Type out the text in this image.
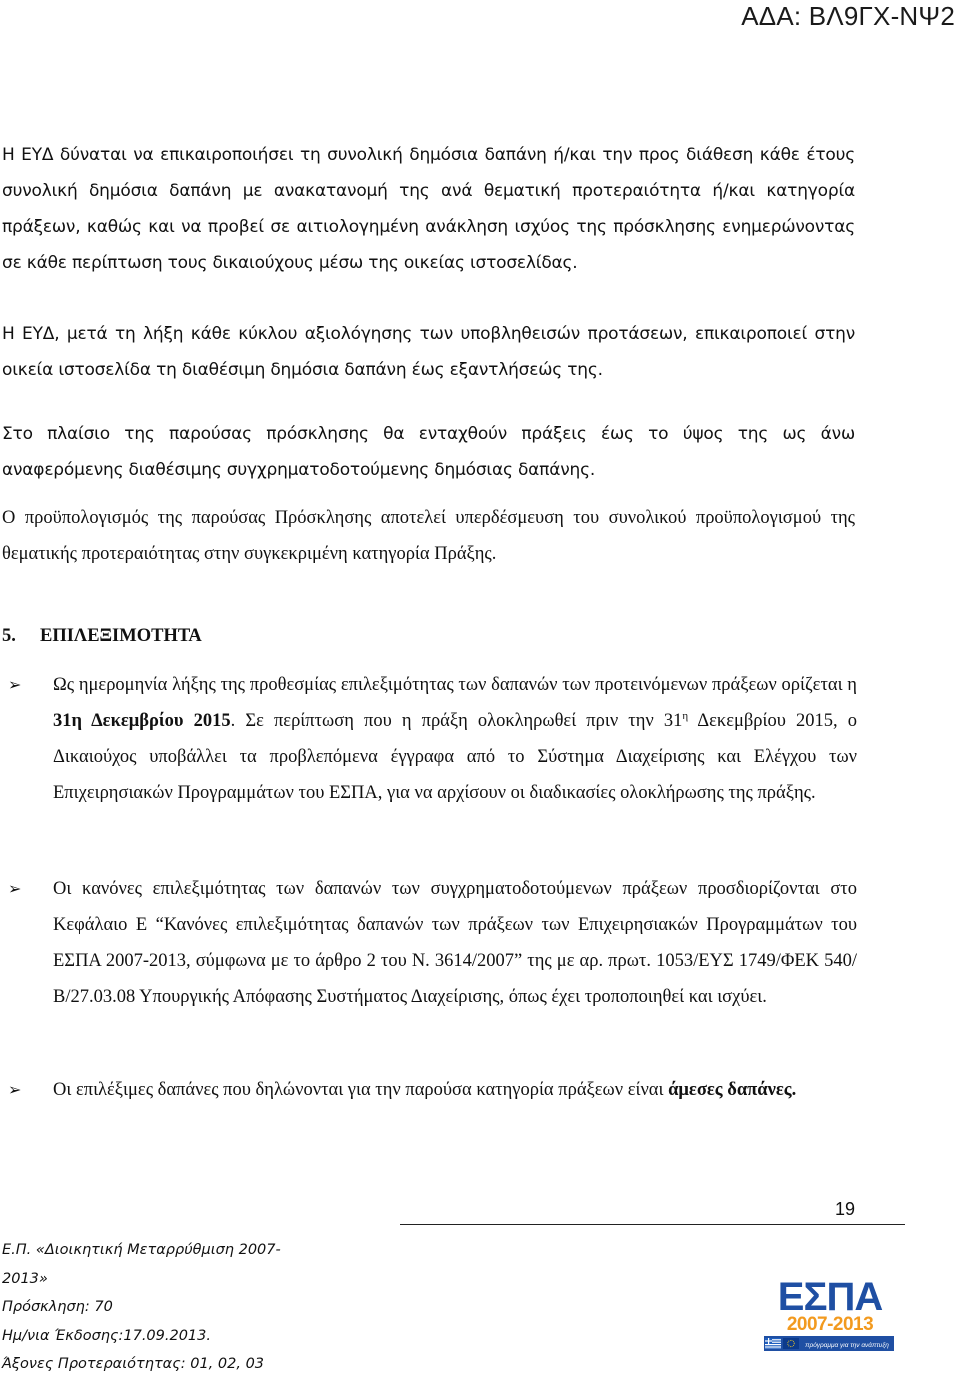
ΑΔΑ: ΒΛ9ΓΧ-ΝΨ2

Η ΕΥΔ δύναται να επικαιροποιήσει τη συνολική δημόσια δαπάνη ή/και την προς διάθεση κάθε έτους συνολική δημόσια δαπάνη με ανακατανομή της ανά θεματική προτεραιότητα ή/και κατηγορία πράξεων, καθώς και να προβεί σε αιτιολογημένη ανάκληση ισχύος της πρόσκλησης ενημερώνοντας σε κάθε περίπτωση τους δικαιούχους μέσω της οικείας ιστοσελίδας.

Η ΕΥΔ, μετά τη λήξη κάθε κύκλου αξιολόγησης των υποβληθεισών προτάσεων, επικαιροποιεί στην οικεία ιστοσελίδα τη διαθέσιμη δημόσια δαπάνη έως εξαντλήσεώς της.

Στο πλαίσιο της παρούσας πρόσκλησης θα ενταχθούν πράξεις έως το ύψος της ως άνω αναφερόμενης διαθέσιμης συγχρηματοδοτούμενης δημόσιας δαπάνης.

Ο προϋπολογισμός της παρούσας Πρόσκλησης αποτελεί υπερδέσμευση του συνολικού προϋπολογισμού της θεματικής προτεραιότητας στην συγκεκριμένη κατηγορία Πράξης.

5. ΕΠΙΛΕΞΙΜΟΤΗΤΑ
➢ Ως ημερομηνία λήξης της προθεσμίας επιλεξιμότητας των δαπανών των προτεινόμενων πράξεων ορίζεται η 31η Δεκεμβρίου 2015. Σε περίπτωση που η πράξη ολοκληρωθεί πριν την $31^\eta$ Δεκεμβρίου 2015, ο Δικαιούχος υποβάλλει τα προβλεπόμενα έγγραφα από το Σύστημα Διαχείρισης και Ελέγχου των Επιχειρησιακών Προγραμμάτων του ΕΣΠΑ, για να αρχίσουν οι διαδικασίες ολοκλήρωσης της πράξης.

➢ Οι κανόνες επιλεξιμότητας των δαπανών των συγχρηματοδοτούμενων πράξεων προσδιορίζονται στο Κεφάλαιο Ε “Κανόνες επιλεξιμότητας δαπανών των πράξεων των Επιχειρησιακών Προγραμμάτων του ΕΣΠΑ 2007-2013, σύμφωνα με το άρθρο 2 του Ν. 3614/2007” της με αρ. πρωτ. 1053/ΕΥΣ 1749/ΦΕΚ 540/Β/27.03.08 Υπουργικής Απόφασης Συστήματος Διαχείρισης, όπως έχει τροποποιηθεί και ισχύει.

➢ Οι επιλέξιμες δαπάνες που δηλώνονται για την παρούσα κατηγορία πράξεων είναι άμεσες δαπάνες.

19
Ε.Π. «Διοικητική Μεταρρύθμιση 2007-
2013»
Πρόσκληση: 70
Ημ/νια Έκδοσης:17.09.2013.
Άξονες Προτεραιότητας: 01, 02, 03
ΕΣΠΑ
2007-2013
πρόγραμμα για την ανάπτυξη
